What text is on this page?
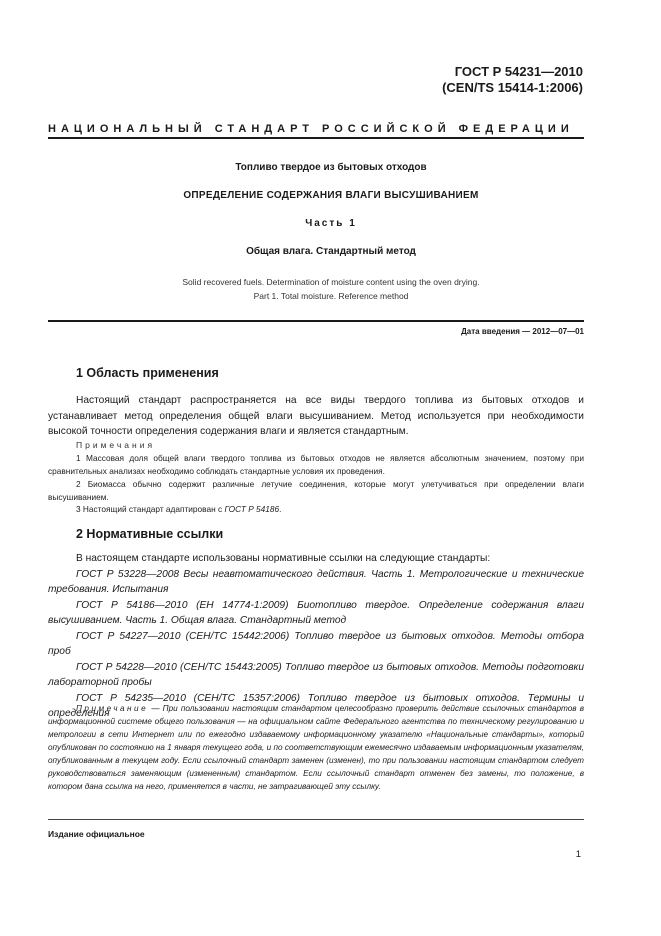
ГОСТ Р 54231—2010
(CEN/TS 15414-1:2006)
НАЦИОНАЛЬНЫЙ СТАНДАРТ РОССИЙСКОЙ ФЕДЕРАЦИИ
Топливо твердое из бытовых отходов
ОПРЕДЕЛЕНИЕ СОДЕРЖАНИЯ ВЛАГИ ВЫСУШИВАНИЕМ
Часть 1
Общая влага. Стандартный метод
Solid recovered fuels. Determination of moisture content using the oven drying.
Part 1. Total moisture. Reference method
Дата введения — 2012—07—01
1 Область применения
Настоящий стандарт распространяется на все виды твердого топлива из бытовых отходов и устанавливает метод определения общей влаги высушиванием. Метод используется при необходимости высокой точности определения содержания влаги и является стандартным.
Примечания
1 Массовая доля общей влаги твердого топлива из бытовых отходов не является абсолютным значением, поэтому при сравнительных анализах необходимо соблюдать стандартные условия их проведения.
2 Биомасса обычно содержит различные летучие соединения, которые могут улетучиваться при определении влаги высушиванием.
3 Настоящий стандарт адаптирован с ГОСТ Р 54186.
2 Нормативные ссылки
В настоящем стандарте использованы нормативные ссылки на следующие стандарты:
ГОСТ Р 53228—2008 Весы неавтоматического действия. Часть 1. Метрологические и технические требования. Испытания
ГОСТ Р 54186—2010 (ЕН 14774-1:2009) Биотопливо твердое. Определение содержания влаги высушиванием. Часть 1. Общая влага. Стандартный метод
ГОСТ Р 54227—2010 (СЕН/ТС 15442:2006) Топливо твердое из бытовых отходов. Методы отбора проб
ГОСТ Р 54228—2010 (СЕН/ТС 15443:2005) Топливо твердое из бытовых отходов. Методы подготовки лабораторной пробы
ГОСТ Р 54235—2010 (СЕН/ТС 15357:2006) Топливо твердое из бытовых отходов. Термины и определения
Примечание — При пользовании настоящим стандартом целесообразно проверить действие ссылочных стандартов в информационной системе общего пользования — на официальном сайте Федерального агентства по техническому регулированию и метрологии в сети Интернет или по ежегодно издаваемому информационному указателю «Национальные стандарты», который опубликован по состоянию на 1 января текущего года, и по соответствующим ежемесячно издаваемым информационным указателям, опубликованным в текущем году. Если ссылочный стандарт заменен (изменен), то при пользовании настоящим стандартом следует руководствоваться заменяющим (измененным) стандартом. Если ссылочный стандарт отменен без замены, то положение, в котором дана ссылка на него, применяется в части, не затрагивающей эту ссылку.
Издание официальное
1
